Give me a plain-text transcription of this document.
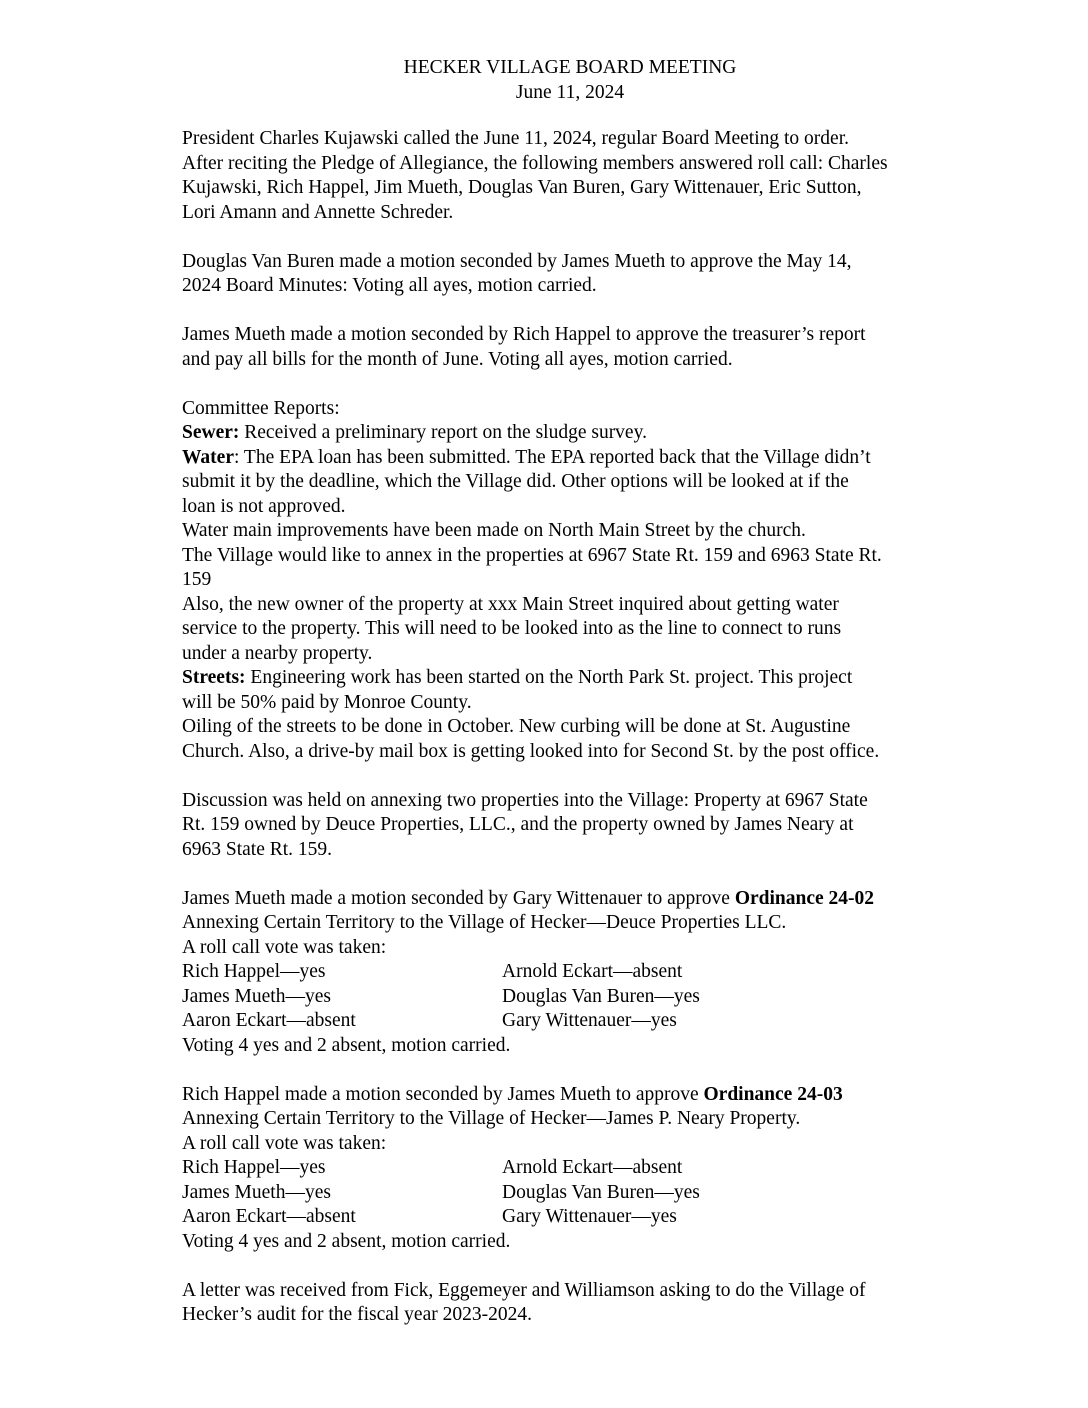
HECKER VILLAGE BOARD MEETING
June 11, 2024
President Charles Kujawski called the June 11, 2024, regular Board Meeting to order.
After reciting the Pledge of Allegiance, the following members answered roll call: Charles
Kujawski, Rich Happel, Jim Mueth, Douglas Van Buren, Gary Wittenauer, Eric Sutton,
Lori Amann and Annette Schreder.
Douglas Van Buren made a motion seconded by James Mueth to approve the May 14,
2024 Board Minutes: Voting all ayes, motion carried.
James Mueth made a motion seconded by Rich Happel to approve the treasurer’s report
and pay all bills for the month of June. Voting all ayes, motion carried.
Committee Reports:
Sewer: Received a preliminary report on the sludge survey.
Water: The EPA loan has been submitted. The EPA reported back that the Village didn’t
submit it by the deadline, which the Village did. Other options will be looked at if the
loan is not approved.
Water main improvements have been made on North Main Street by the church.
The Village would like to annex in the properties at 6967 State Rt. 159 and 6963 State Rt.
159
Also, the new owner of the property at xxx Main Street inquired about getting water
service to the property. This will need to be looked into as the line to connect to runs
under a nearby property.
Streets: Engineering work has been started on the North Park St. project. This project
will be 50% paid by Monroe County.
Oiling of the streets to be done in October. New curbing will be done at St. Augustine
Church. Also, a drive-by mail box is getting looked into for Second St. by the post office.
Discussion was held on annexing two properties into the Village: Property at 6967 State
Rt. 159 owned by Deuce Properties, LLC., and the property owned by James Neary at
6963 State Rt. 159.
James Mueth made a motion seconded by Gary Wittenauer to approve Ordinance 24-02
Annexing Certain Territory to the Village of Hecker—Deuce Properties LLC.
A roll call vote was taken:
Rich Happel—yes	Arnold Eckart—absent
James Mueth—yes	Douglas Van Buren—yes
Aaron Eckart—absent	Gary Wittenauer—yes
Voting 4 yes and 2 absent, motion carried.
Rich Happel made a motion seconded by James Mueth to approve Ordinance 24-03
Annexing Certain Territory to the Village of Hecker—James P. Neary Property.
A roll call vote was taken:
Rich Happel—yes	Arnold Eckart—absent
James Mueth—yes	Douglas Van Buren—yes
Aaron Eckart—absent	Gary Wittenauer—yes
Voting 4 yes and 2 absent, motion carried.
A letter was received from Fick, Eggemeyer and Williamson asking to do the Village of
Hecker’s audit for the fiscal year 2023-2024.
